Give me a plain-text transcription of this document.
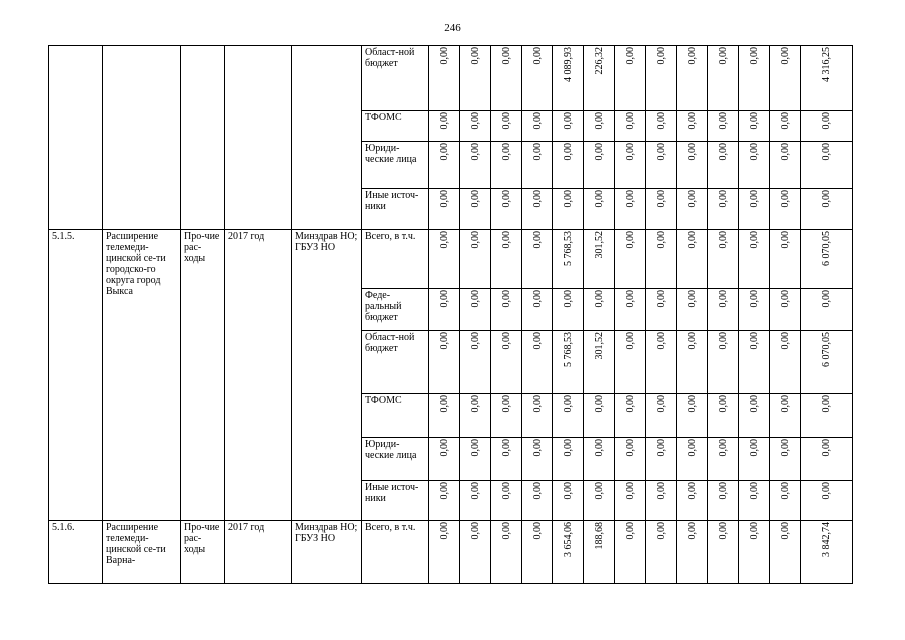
246
					Област-ной бюджет	0,00	0,00	0,00	0,00	4 089,93	226,32	0,00	0,00	0,00	0,00	0,00	0,00	4 316,25
					ТФОМС	0,00	0,00	0,00	0,00	0,00	0,00	0,00	0,00	0,00	0,00	0,00	0,00	0,00
					Юриди-ческие лица	0,00	0,00	0,00	0,00	0,00	0,00	0,00	0,00	0,00	0,00	0,00	0,00	0,00
					Иные источ-ники	0,00	0,00	0,00	0,00	0,00	0,00	0,00	0,00	0,00	0,00	0,00	0,00	0,00
5.1.5.	Расширение телемеди-цинской се-ти городско-го округа город Выкса	Про-чие рас-ходы	2017 год	Минздрав НО; ГБУЗ НО	Всего, в т.ч.	0,00	0,00	0,00	0,00	5 768,53	301,52	0,00	0,00	0,00	0,00	0,00	0,00	6 070,05
					Феде-ральный бюджет	0,00	0,00	0,00	0,00	0,00	0,00	0,00	0,00	0,00	0,00	0,00	0,00	0,00
					Област-ной бюджет	0,00	0,00	0,00	0,00	5 768,53	301,52	0,00	0,00	0,00	0,00	0,00	0,00	6 070,05
					ТФОМС	0,00	0,00	0,00	0,00	0,00	0,00	0,00	0,00	0,00	0,00	0,00	0,00	0,00
					Юриди-ческие лица	0,00	0,00	0,00	0,00	0,00	0,00	0,00	0,00	0,00	0,00	0,00	0,00	0,00
					Иные источ-ники	0,00	0,00	0,00	0,00	0,00	0,00	0,00	0,00	0,00	0,00	0,00	0,00	0,00
5.1.6.	Расширение телемеди-цинской се-ти Варна-	Про-чие рас-ходы	2017 год	Минздрав НО; ГБУЗ НО	Всего, в т.ч.	0,00	0,00	0,00	0,00	3 654,06	188,68	0,00	0,00	0,00	0,00	0,00	0,00	3 842,74
